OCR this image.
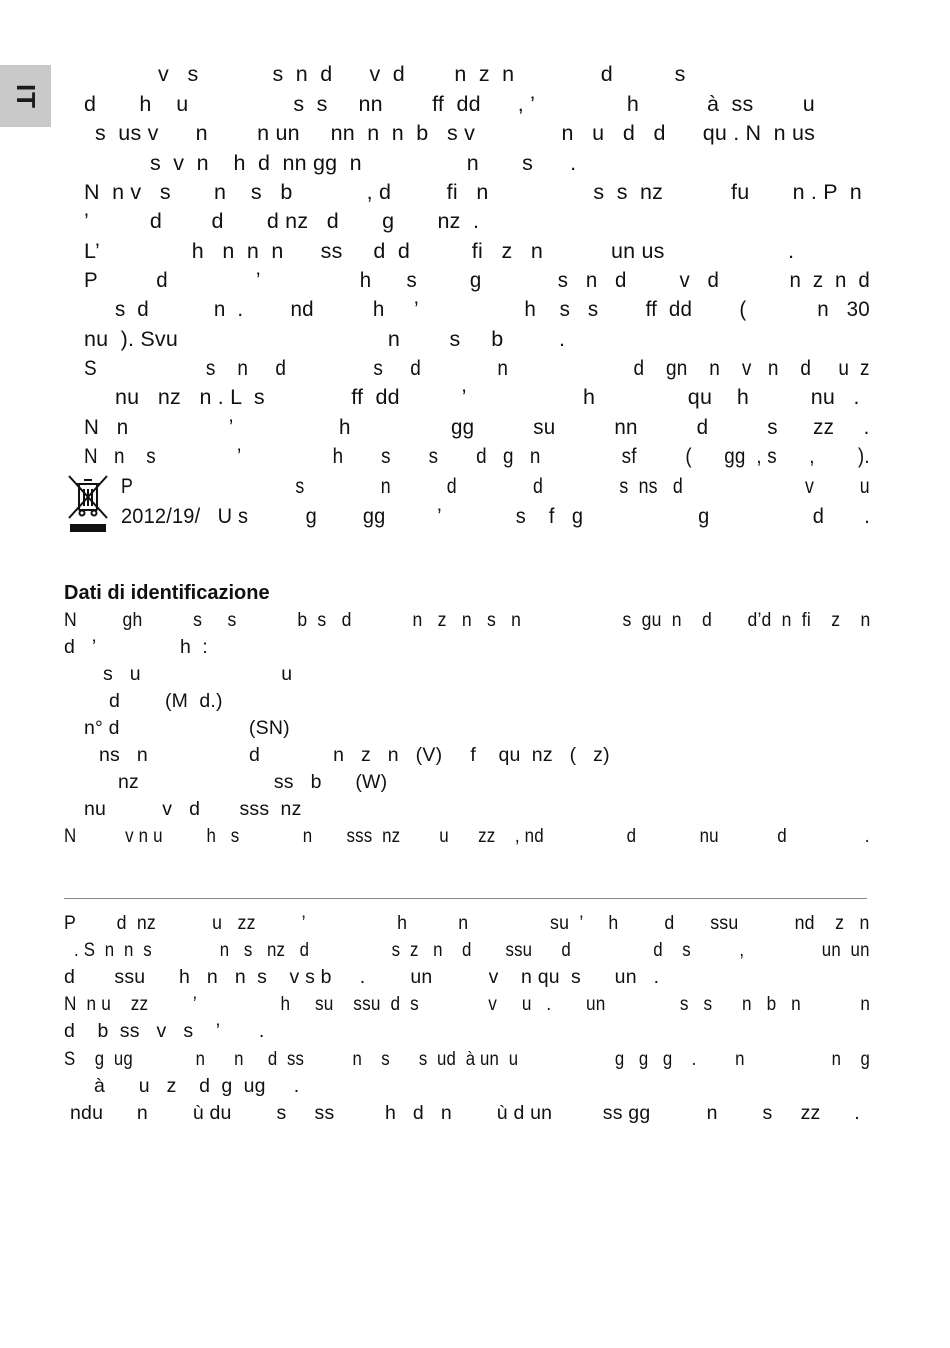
IT
v   s            s  n  d      v  d        n  z  n              d          s
d       h    u                 s  s     nn        ff  dd      , ’               h           à  ss        u
s  us v      n        n un     nn  n  n  b   s v              n   u   d   d      qu . N  n us
s  v  n    h  d  nn gg  n                 n       s      .
N  n v   s       n    s   b            , d         fi   n                 s  s  nz           fu       n . P  n
’          d        d       d nz   d       g       nz  .
L’               h   n  n  n      ss     d  d          fi   z   n           un us                    .
P          d               ’                 h      s         g             s   n   d         v   d            n  z  n  d
s  d           n  .        nd          h     ’                  h    s   s        ff  dd        (            n   30
nu  ). Svu                                  n        s     b         .
S                    s    n     d                s     d              n                       d    gn    n    v   n    d     u  z
nu   nz   n . L  s              ff  dd          ’                   h               qu    h          nu   .
N   n                 ’                  h                 gg          su          nn          d          s      zz     .
N   n    s               ’                 h       s       s       d   g   n               sf         (      gg  , s      ,        ).
P                                s               n           d               d               s  ns   d                        v         u
2012/19/   U s          g        gg         ’             s    f   g                    g                  d       .
Dati di identificazione
N         gh          s     s            b  s   d            n   z   n   s   n                    s  gu  n    d       d’d  n  fi    z    n
d   ’               h  :
s   u                         u
d        (M  d.)
n° d                       (SN)
ns   n                  d             n   z   n   (V)     f    qu  nz   (   z)
nz                        ss   b      (W)
nu          v   d       sss  nz
N          v n u         h   s             n       sss  nz        u      zz    , nd                 d             nu            d                .
P        d  nz           u   zz         ’                  h          n                su  ’     h         d       ssu           nd    z   n
. S  n  n  s              n   s   nz   d                 s  z   n    d       ssu      d                 d    s          ,                un  un
d       ssu      h   n   n  s    v s b     .        un          v    n qu  s      un   .
N  n u    zz         ’                 h     su    ssu  d  s              v     u   .       un               s   s      n   b   n            n
d    b  ss   v   s    ’       .
S    g  ug             n      n     d  ss          n    s      s  ud  à un  u                    g   g   g    .        n                  n    g
à      u   z    d  g  ug     .
ndu      n        ù du        s     ss         h   d   n        ù d un         ss gg          n        s     zz      .
